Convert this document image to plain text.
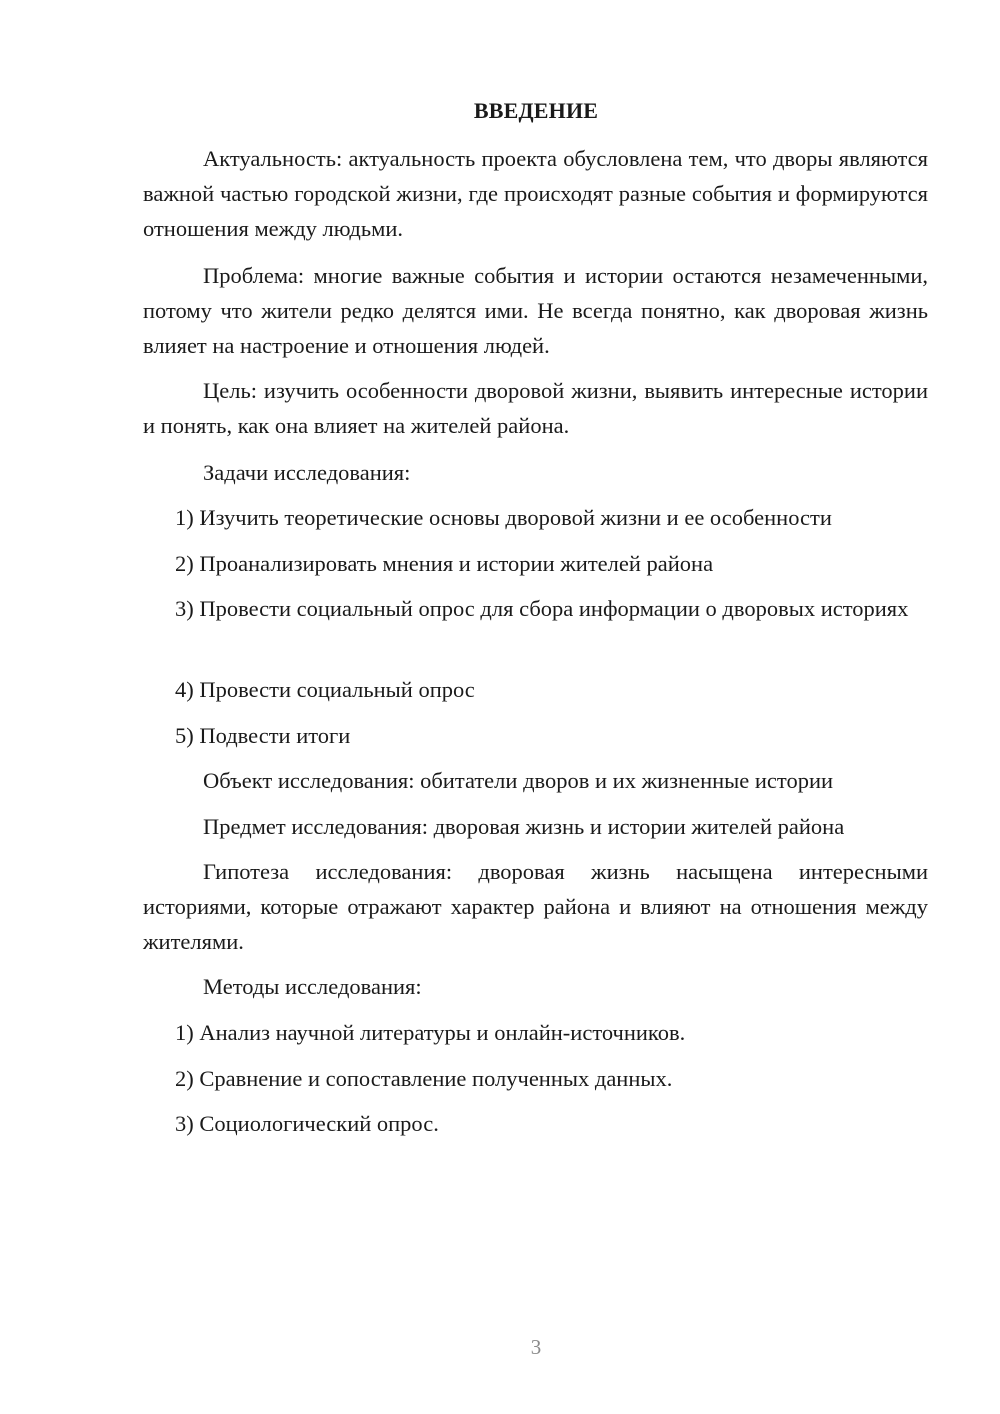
ВВЕДЕНИЕ
Актуальность: актуальность проекта обусловлена тем, что дворы являются важной частью городской жизни, где происходят разные события и формируются отношения между людьми.
Проблема: многие важные события и истории остаются незамеченными, потому что жители редко делятся ими. Не всегда понятно, как дворовая жизнь влияет на настроение и отношения людей.
Цель: изучить особенности дворовой жизни, выявить интересные истории и понять, как она влияет на жителей района.
Задачи исследования:
1) Изучить теоретические основы дворовой жизни и ее особенности
2) Проанализировать мнения и истории жителей района
3) Провести социальный опрос для сбора информации о дворовых историях
4) Провести социальный опрос
5) Подвести итоги
Объект исследования: обитатели дворов и их жизненные истории
Предмет исследования: дворовая жизнь и истории жителей района
Гипотеза исследования: дворовая жизнь насыщена интересными историями, которые отражают характер района и влияют на отношения между жителями.
Методы исследования:
1) Анализ научной литературы и онлайн-источников.
2) Сравнение и сопоставление полученных данных.
3) Социологический опрос.
3
